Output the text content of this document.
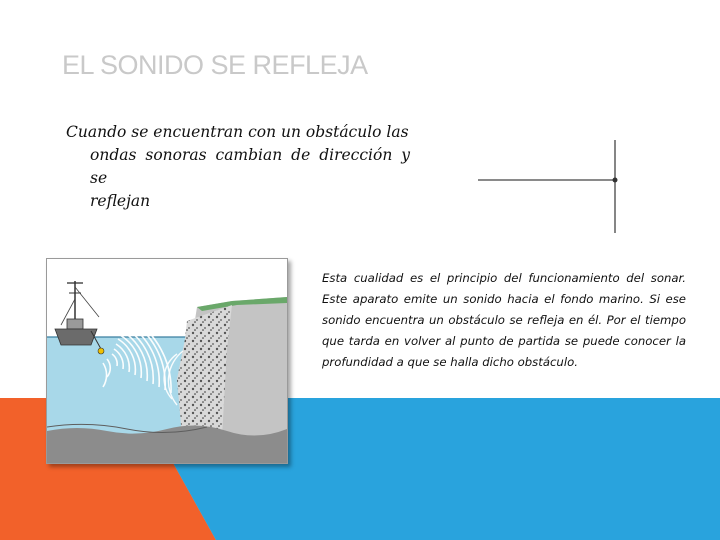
EL SONIDO SE REFLEJA
Cuando se encuentran con un obstáculo las
ondas sonoras cambian de dirección y se
reflejan
Esta cualidad es el principio del funcionamiento del sonar. Este aparato emite un sonido hacia el fondo marino. Si ese sonido encuentra un obstáculo se refleja en él. Por el tiempo que tarda en volver al punto de partida se puede conocer la profundidad a que se halla dicho obstáculo.
